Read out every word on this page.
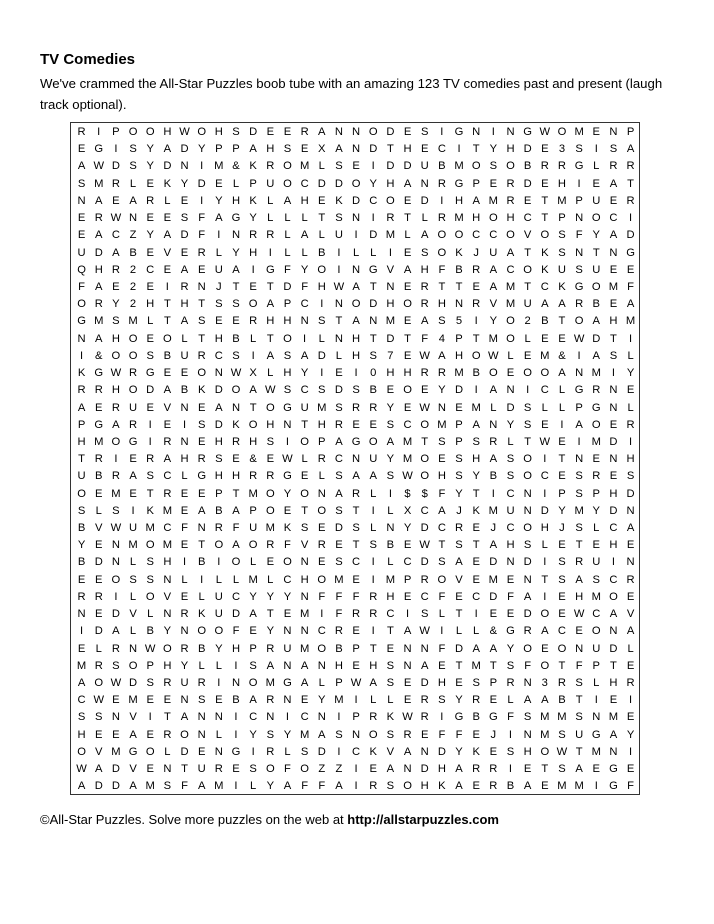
TV Comedies
We've crammed the All-Star Puzzles boob tube with an amazing 123 TV comedies past and present (laugh track optional).
R	I	P O O H W O H S D E E R A N N O D E S	I	G N	I	N G W O M E N P
E G	I	S Y A D Y P P A H S E X A N D T H E C	I	T Y H D E 3 S	I	S A
A W D S Y D N	I M & K R O M L S E	I	D D U B M O S O B R R G L R R
S M R L E K Y D E L P U O C D D O Y H A N R G P E R D E H	I	E A T
N A E A R L E	I	Y H K L A H E K D C O E D	I	H A M R E T M P U E R
E R W N E E S F A G Y L L L T S N	I	R T L R M H O H C T P N O C	I
E A C Z Y A D F	I	N R R L A L U	I	D M L A O O C C O V O S F Y A D
U D A B E V E R L Y H	I	L L B	I	L L	I	E S O K J U A T K S N T N G
Q H R 2 C E A E U A	I	G F Y O	I	N G V A H F B R A C O K U S U E E
F A E 2 E	I	R N J T E T D F H W A T N E R T T E A M T C K G O M F
O R Y 2 H T H T S S O A P C	I	N O D H O R H N R V M U A A R B E A
G M S M L T A S E E R H H N S T A N M E A S 5	I	Y O 2 B T O A H M
N A H O E O L T H B L T O	I	L N H T D T F 4 P T M O L E E W D T	I
I	& O O S B U R C S	I	A S A D L H S 7 E W A H O W L E M &	I	A S L
K G W R G E E O N W X L H Y	I	E	I	0 H H R R M B O E O O A N M I	Y
R R H O D A B K D O A W S C S D S B E O E Y D	I	A N	I	C L G R N E
A E R U E V N E A N T O G U M S R R Y E W N E M L D S L L P G N L
P G A R	I	E	I	S D K O H N T H R E E S C O M P A N Y S E	I	A O E R
H M O G	I	R N E H R H S	I	O P A G O A M T S P S R L T W E	I M D	I
T R	I	E R A H R S E & E W L R C N U Y M O E S H A S O	I	T N E N H
U B R A S C L G H H R R G E L S A A S W O H S Y B S O C E S R E S
O E M E T R E E P T M O Y O N A R L	I	$ $ F Y T	I	C N	I	P S P H D
S L S	I	K M E A B A P O E T O S T	I	L X C A J K M U N D Y M Y D N
B V W U M C F N R F U M K S E D S L N Y D C R E J C O H J S L C A
Y E N M O M E T O A O R F V R E T S B E W T S T A H S L E T E H E
B D N L S H	I	B	I	O L E O N E S C	I	L C D S A E D N D	I	S R U	I	N
E E O S S N L	I	L L M L C H O M E	I M P R O V E M E N T S A S C R
R R	I	L O V E L U C Y Y Y N F F F R H E C F E C D F A	I	E H M O E
N E D V L N R K U D A T E M I	F R R C	I	S L T	I	E E D O E W C A V
I	D A L B Y N O O F E Y N N C R E	I	T A W I	L L & G R A C E O N A
E L R N W O R B Y H P R U M O B P T E N N F D A A Y O E O N U D L
M R S O P H Y L L	I	S A N A N H E H S N A E T M T S F O T F P T E
A O W D S R U R	I	N O M G A L P W A S E D H E S P R N 3 R S L H R
C W E M E E N S E B A R N E Y M I	L L E R S Y R E L A A B T	I	E	I
S S N V	I	T A N N	I	C N	I	C N	I	P R K W R	I	G B G F S M M S N M E
H E E A E R O N L	I	Y S Y M A S N O S R E F F E J	I	N M S U G A Y
O V M G O L D E N G	I	R L S D	I	C K V A N D Y K E S H O W T M N	I
W A D V E N T U R E S O F O Z Z	I	E A N D H A R R	I	E T S A E G E
A D D A M S F A M I	L Y A F F A	I	R S O H K A E R B A E M M I	G F
©All-Star Puzzles. Solve more puzzles on the web at http://allstarpuzzles.com
